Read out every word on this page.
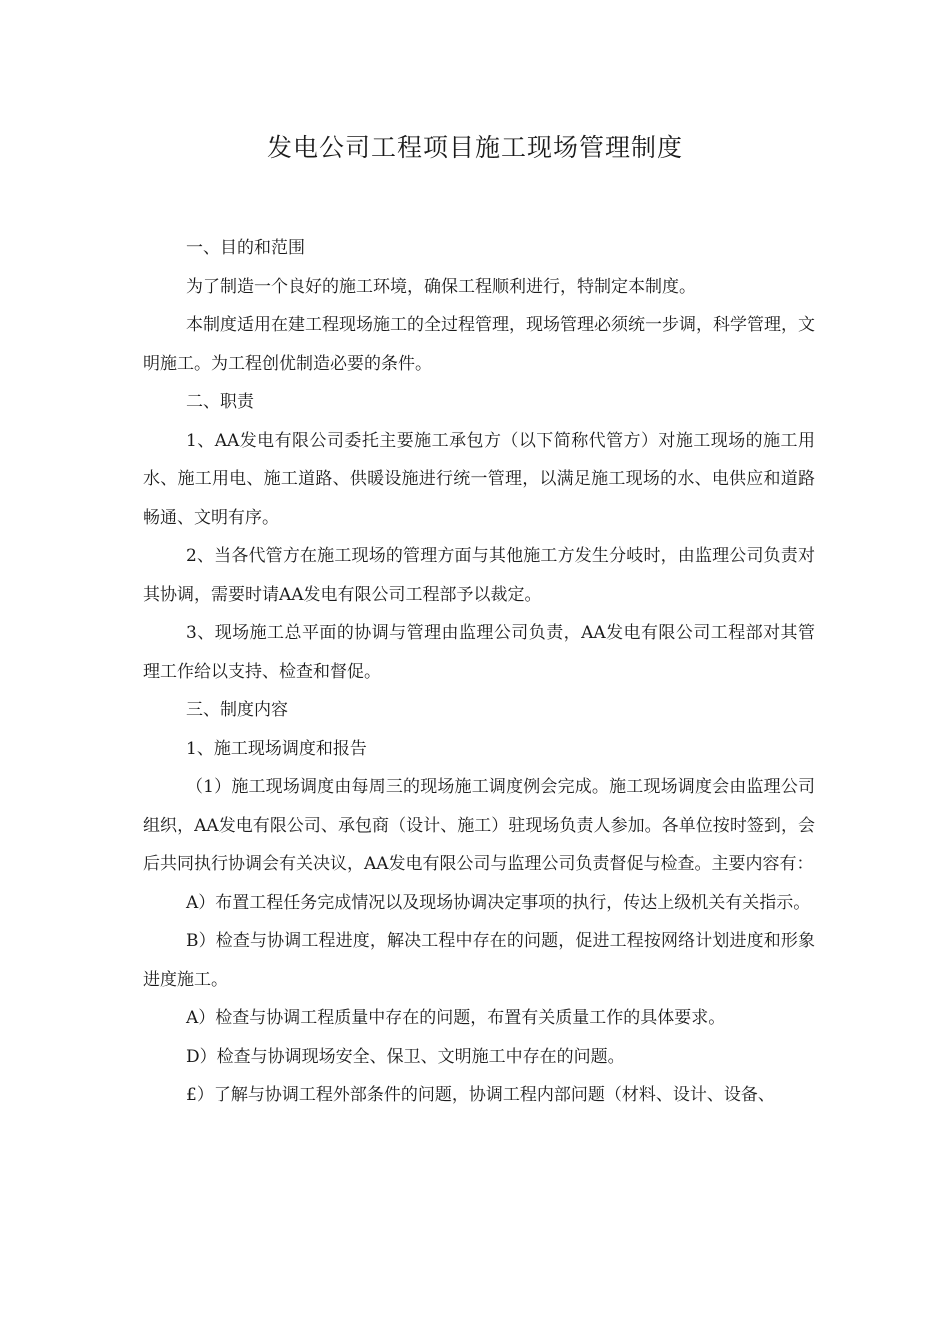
发电公司工程项目施工现场管理制度

一、目的和范围

为了制造一个良好的施工环境，确保工程顺利进行，特制定本制度。

本制度适用在建工程现场施工的全过程管理，现场管理必须统一步调，科学管理，文明施工。为工程创优制造必要的条件。

二、职责

1、AA发电有限公司委托主要施工承包方（以下简称代管方）对施工现场的施工用水、施工用电、施工道路、供暖设施进行统一管理，以满足施工现场的水、电供应和道路畅通、文明有序。

2、当各代管方在施工现场的管理方面与其他施工方发生分岐时，由监理公司负责对其协调，需要时请AA发电有限公司工程部予以裁定。

3、现场施工总平面的协调与管理由监理公司负责，AA发电有限公司工程部对其管理工作给以支持、检查和督促。

三、制度内容

1、施工现场调度和报告

（1）施工现场调度由每周三的现场施工调度例会完成。施工现场调度会由监理公司组织，AA发电有限公司、承包商（设计、施工）驻现场负责人参加。各单位按时签到，会后共同执行协调会有关决议，AA发电有限公司与监理公司负责督促与检查。主要内容有：

A）布置工程任务完成情况以及现场协调决定事项的执行，传达上级机关有关指示。

B）检查与协调工程进度，解决工程中存在的问题，促进工程按网络计划进度和形象进度施工。

A）检查与协调工程质量中存在的问题，布置有关质量工作的具体要求。

D）检查与协调现场安全、保卫、文明施工中存在的问题。

£）了解与协调工程外部条件的问题，协调工程内部问题（材料、设计、设备、
